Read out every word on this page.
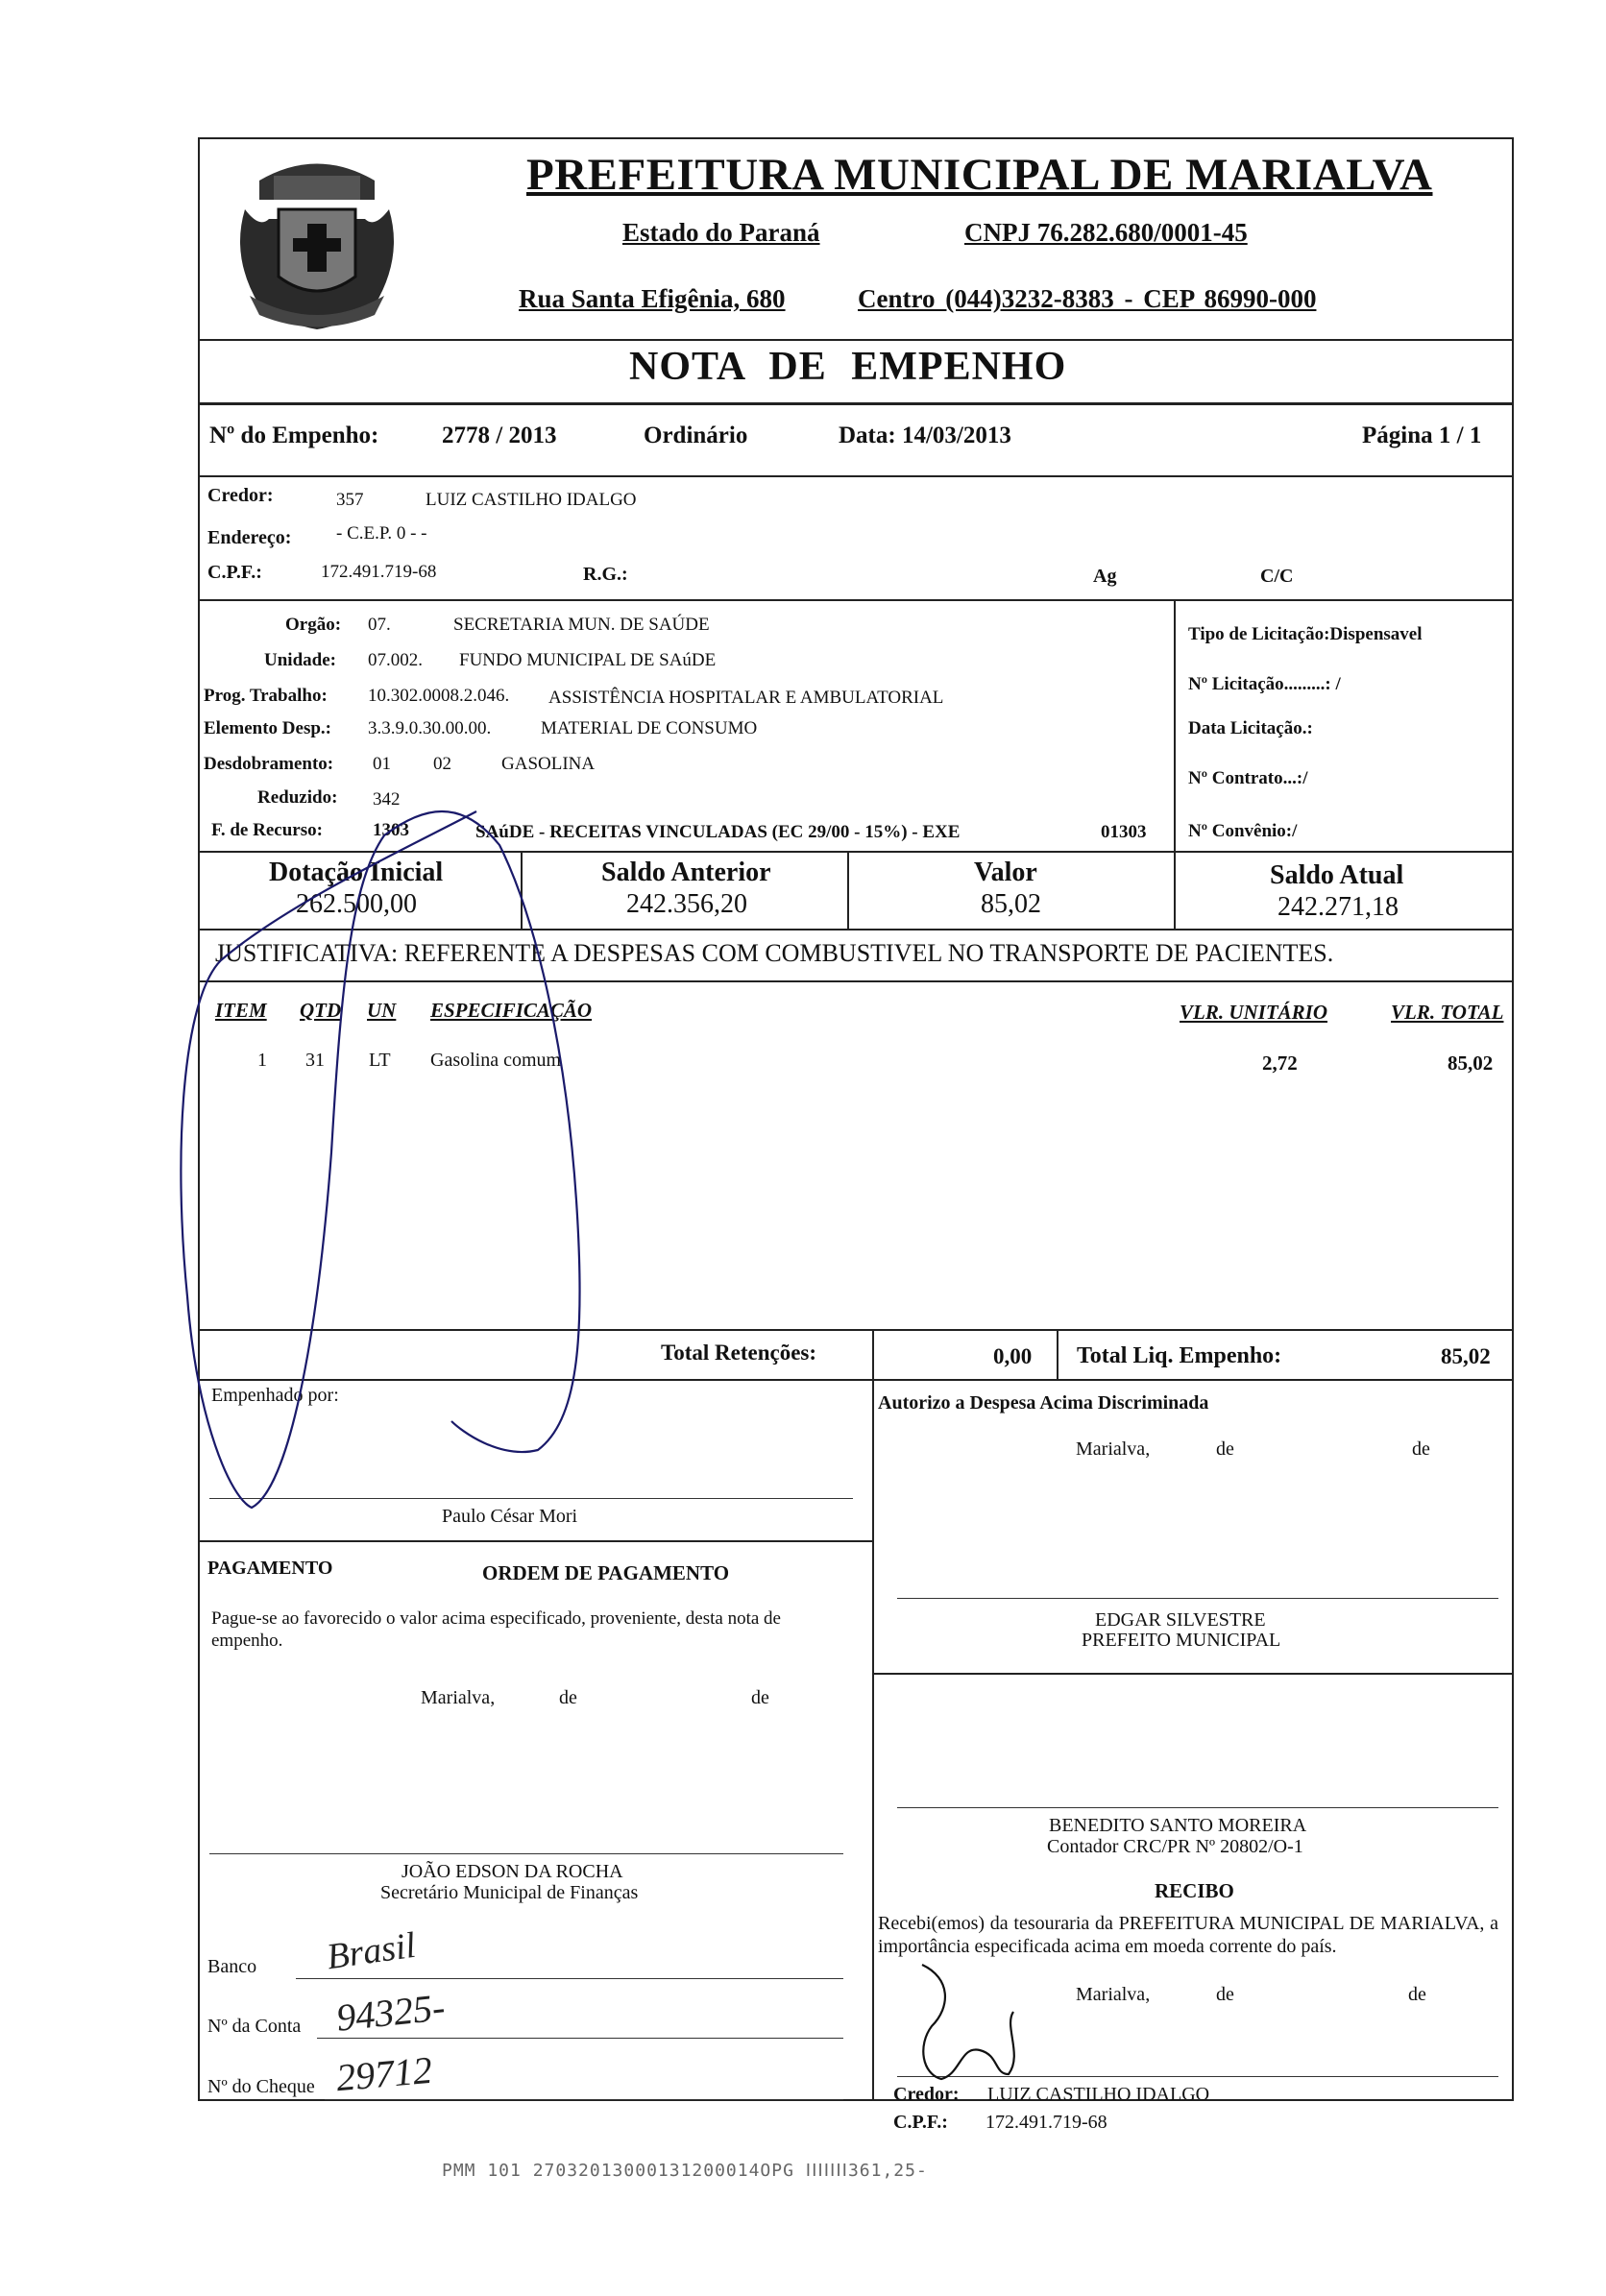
PREFEITURA MUNICIPAL DE MARIALVA
Estado do Paraná	CNPJ 76.282.680/0001-45
Rua Santa Efigênia, 680	Centro (044)3232-8383 - CEP 86990-000
NOTA DE EMPENHO
Nº do Empenho:	2778 / 2013	Ordinário	Data: 14/03/2013	Página 1 / 1
Credor:	357	LUIZ CASTILHO IDALGO
Endereço: - C.E.P. 0 - -
C.P.F.:	172.491.719-68	R.G.:	Ag	C/C
Orgão: 07.	SECRETARIA MUN. DE SAÚDE
Unidade: 07.002. FUNDO MUNICIPAL DE SAúDE
Prog. Trabalho: 10.302.0008.2.046. ASSISTÊNCIA HOSPITALAR E AMBULATORIAL
Elemento Desp.: 3.3.9.0.30.00.00.	MATERIAL DE CONSUMO
Desdobramento: 01 02	GASOLINA
Reduzido: 342
F. de Recurso:	1303	SAúDE - RECEITAS VINCULADAS (EC 29/00 - 15%) - EXE	01303
Tipo de Licitação:Dispensavel
Nº Licitação.........: /
Data Licitação.:
Nº Contrato...:/
Nº Convênio:/
Dotação Inicial
262.500,00
Saldo Anterior
242.356,20
Valor
85,02
Saldo Atual
242.271,18
JUSTIFICATIVA: REFERENTE A DESPESAS COM COMBUSTIVEL NO TRANSPORTE DE PACIENTES.
ITEM QTD UN ESPECIFICAÇÃO	VLR. UNITÁRIO	VLR. TOTAL
1 31 LT Gasolina comum	2,72	85,02
Total Retenções:	0,00 Total Liq. Empenho:	85,02
Empenhado por:
Paulo César Mori
Autorizo a Despesa Acima Discriminada
Marialva,	de	de
EDGAR SILVESTRE
PREFEITO MUNICIPAL
PAGAMENTO	ORDEM DE PAGAMENTO
Pague-se ao favorecido o valor acima especificado, proveniente, desta nota de empenho.
Marialva,	de	de
JOÃO EDSON DA ROCHA
Secretário Municipal de Finanças
BENEDITO SANTO MOREIRA
Contador CRC/PR Nº 20802/O-1
RECIBO
Recebi(emos) da tesouraria da PREFEITURA MUNICIPAL DE MARIALVA, a importância especificada acima em moeda corrente do país.
Marialva,	de	de
Credor: LUIZ CASTILHO IDALGO
C.P.F.: 172.491.719-68
Banco Brasil
Nº da Conta 94325-
Nº do Cheque 29712
PMM 101 27032013000131200014OPG ⅠⅠⅠⅠⅠⅠⅠ361,25-
